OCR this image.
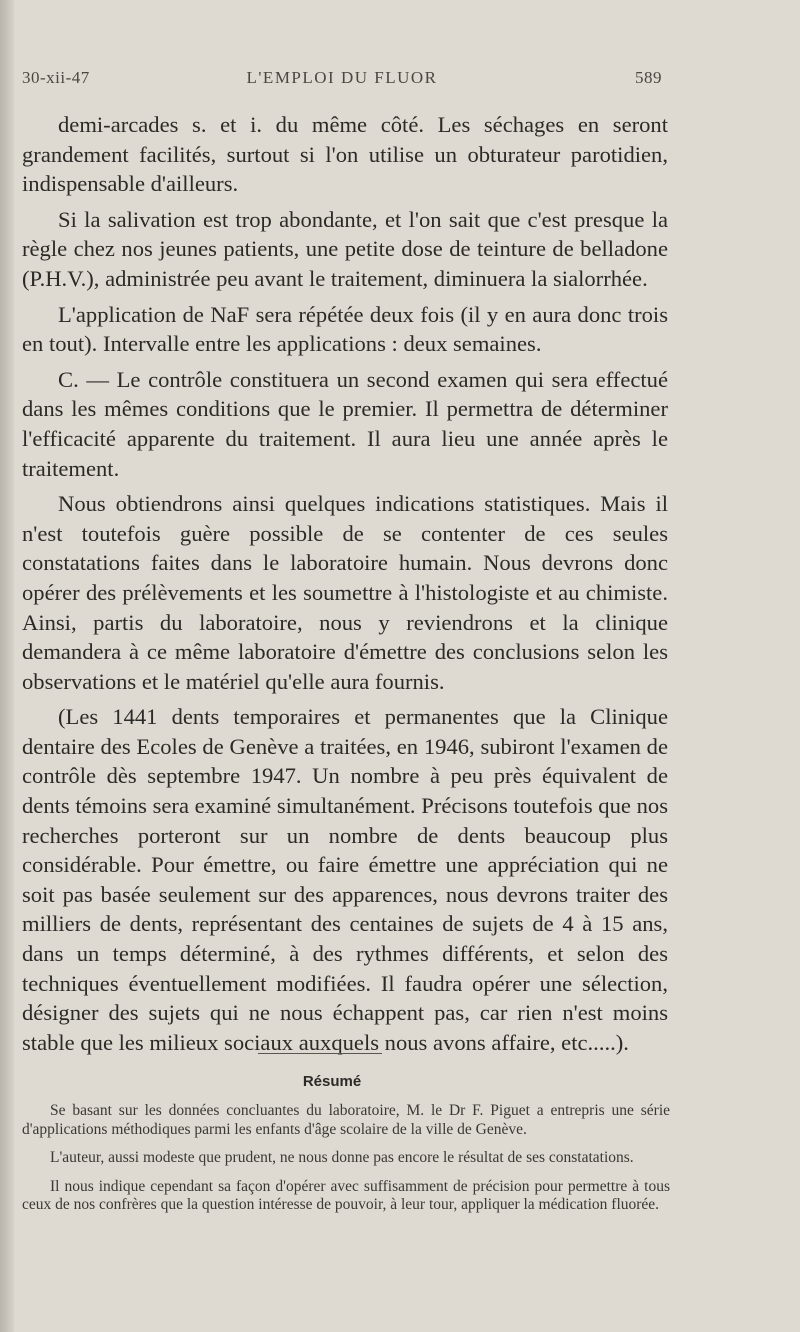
30-xii-47	L'EMPLOI DU FLUOR	589

demi-arcades s. et i. du même côté. Les séchages en seront grandement facilités, surtout si l'on utilise un obturateur parotidien, indispensable d'ailleurs.

Si la salivation est trop abondante, et l'on sait que c'est presque la règle chez nos jeunes patients, une petite dose de teinture de belladone (P.H.V.), administrée peu avant le traitement, diminuera la sialorrhée.

L'application de NaF sera répétée deux fois (il y en aura donc trois en tout). Intervalle entre les applications : deux semaines.

C. — Le contrôle constituera un second examen qui sera effectué dans les mêmes conditions que le premier. Il permettra de déterminer l'efficacité apparente du traitement. Il aura lieu une année après le traitement.

Nous obtiendrons ainsi quelques indications statistiques. Mais il n'est toutefois guère possible de se contenter de ces seules constatations faites dans le laboratoire humain. Nous devrons donc opérer des prélèvements et les soumettre à l'histologiste et au chimiste. Ainsi, partis du laboratoire, nous y reviendrons et la clinique demandera à ce même laboratoire d'émettre des conclusions selon les observations et le matériel qu'elle aura fournis.

(Les 1441 dents temporaires et permanentes que la Clinique dentaire des Ecoles de Genève a traitées, en 1946, subiront l'examen de contrôle dès septembre 1947. Un nombre à peu près équivalent de dents témoins sera examiné simultanément. Précisons toutefois que nos recherches porteront sur un nombre de dents beaucoup plus considérable. Pour émettre, ou faire émettre une appréciation qui ne soit pas basée seulement sur des apparences, nous devrons traiter des milliers de dents, représentant des centaines de sujets de 4 à 15 ans, dans un temps déterminé, à des rythmes différents, et selon des techniques éventuellement modifiées. Il faudra opérer une sélection, désigner des sujets qui ne nous échappent pas, car rien n'est moins stable que les milieux sociaux auxquels nous avons affaire, etc.....).

Résumé

Se basant sur les données concluantes du laboratoire, M. le Dr F. Piguet a entrepris une série d'applications méthodiques parmi les enfants d'âge scolaire de la ville de Genève.

L'auteur, aussi modeste que prudent, ne nous donne pas encore le résultat de ses constatations.

Il nous indique cependant sa façon d'opérer avec suffisamment de précision pour permettre à tous ceux de nos confrères que la question intéresse de pouvoir, à leur tour, appliquer la médication fluorée.
